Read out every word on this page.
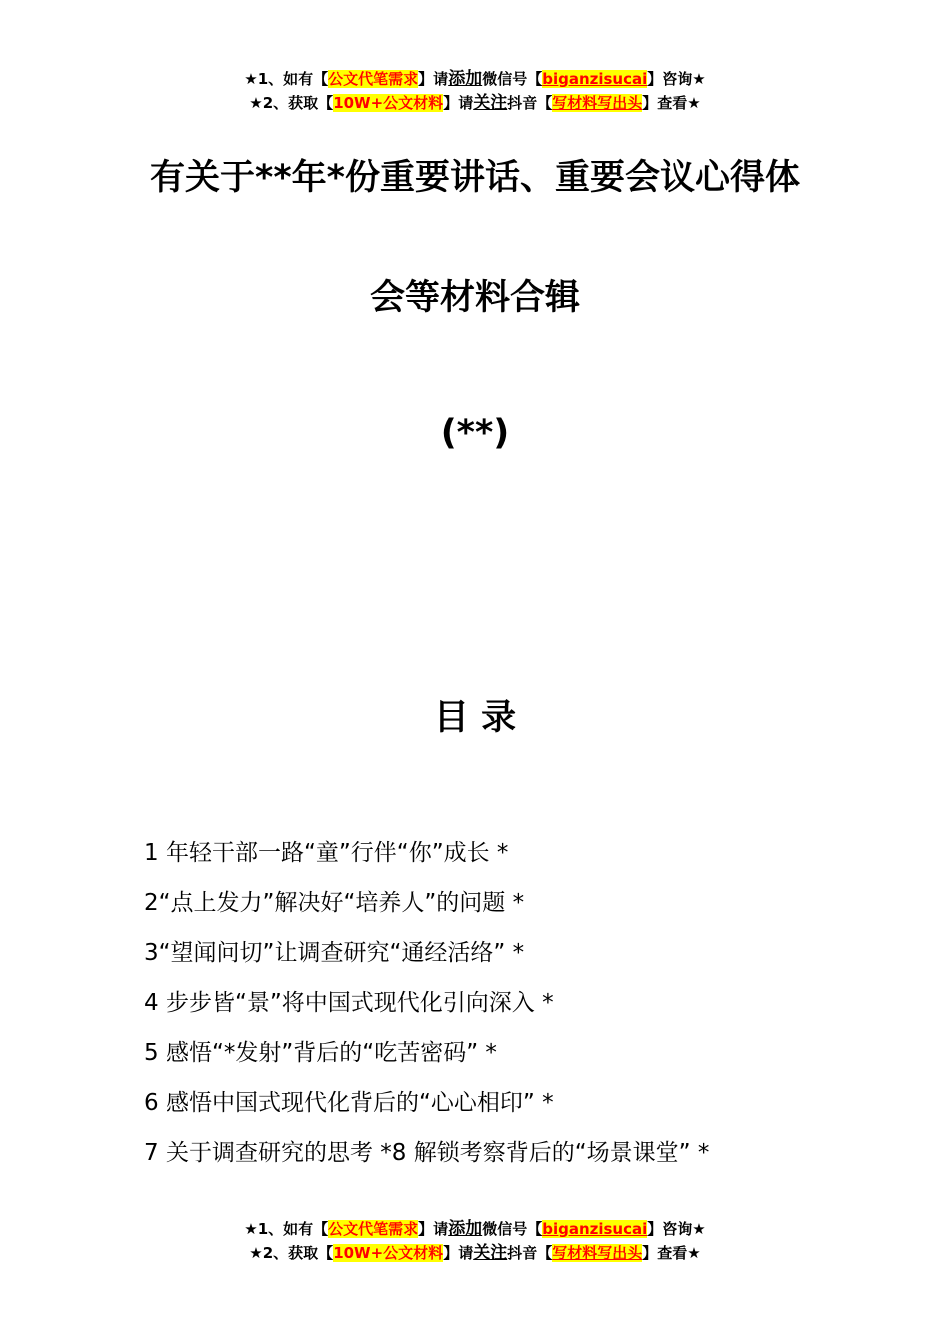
★1、如有【公文代笔需求】请添加微信号【biganzisucai】咨询★
★2、获取【10W+公文材料】请关注抖音【写材料写出头】查看★
有关于**年*份重要讲话、重要会议心得体
会等材料合辑
(**)
目 录
1 年轻干部一路“童”行伴“你”成长 *
2“点上发力”解决好“培养人”的问题 *
3“望闻问切”让调查研究“通经活络” *
4 步步皆“景”将中国式现代化引向深入 *
5 感悟“*发射”背后的“吃苦密码” *
6 感悟中国式现代化背后的“心心相印” *
7 关于调查研究的思考 *8 解锁考察背后的“场景课堂” *
★1、如有【公文代笔需求】请添加微信号【biganzisucai】咨询★
★2、获取【10W+公文材料】请关注抖音【写材料写出头】查看★
